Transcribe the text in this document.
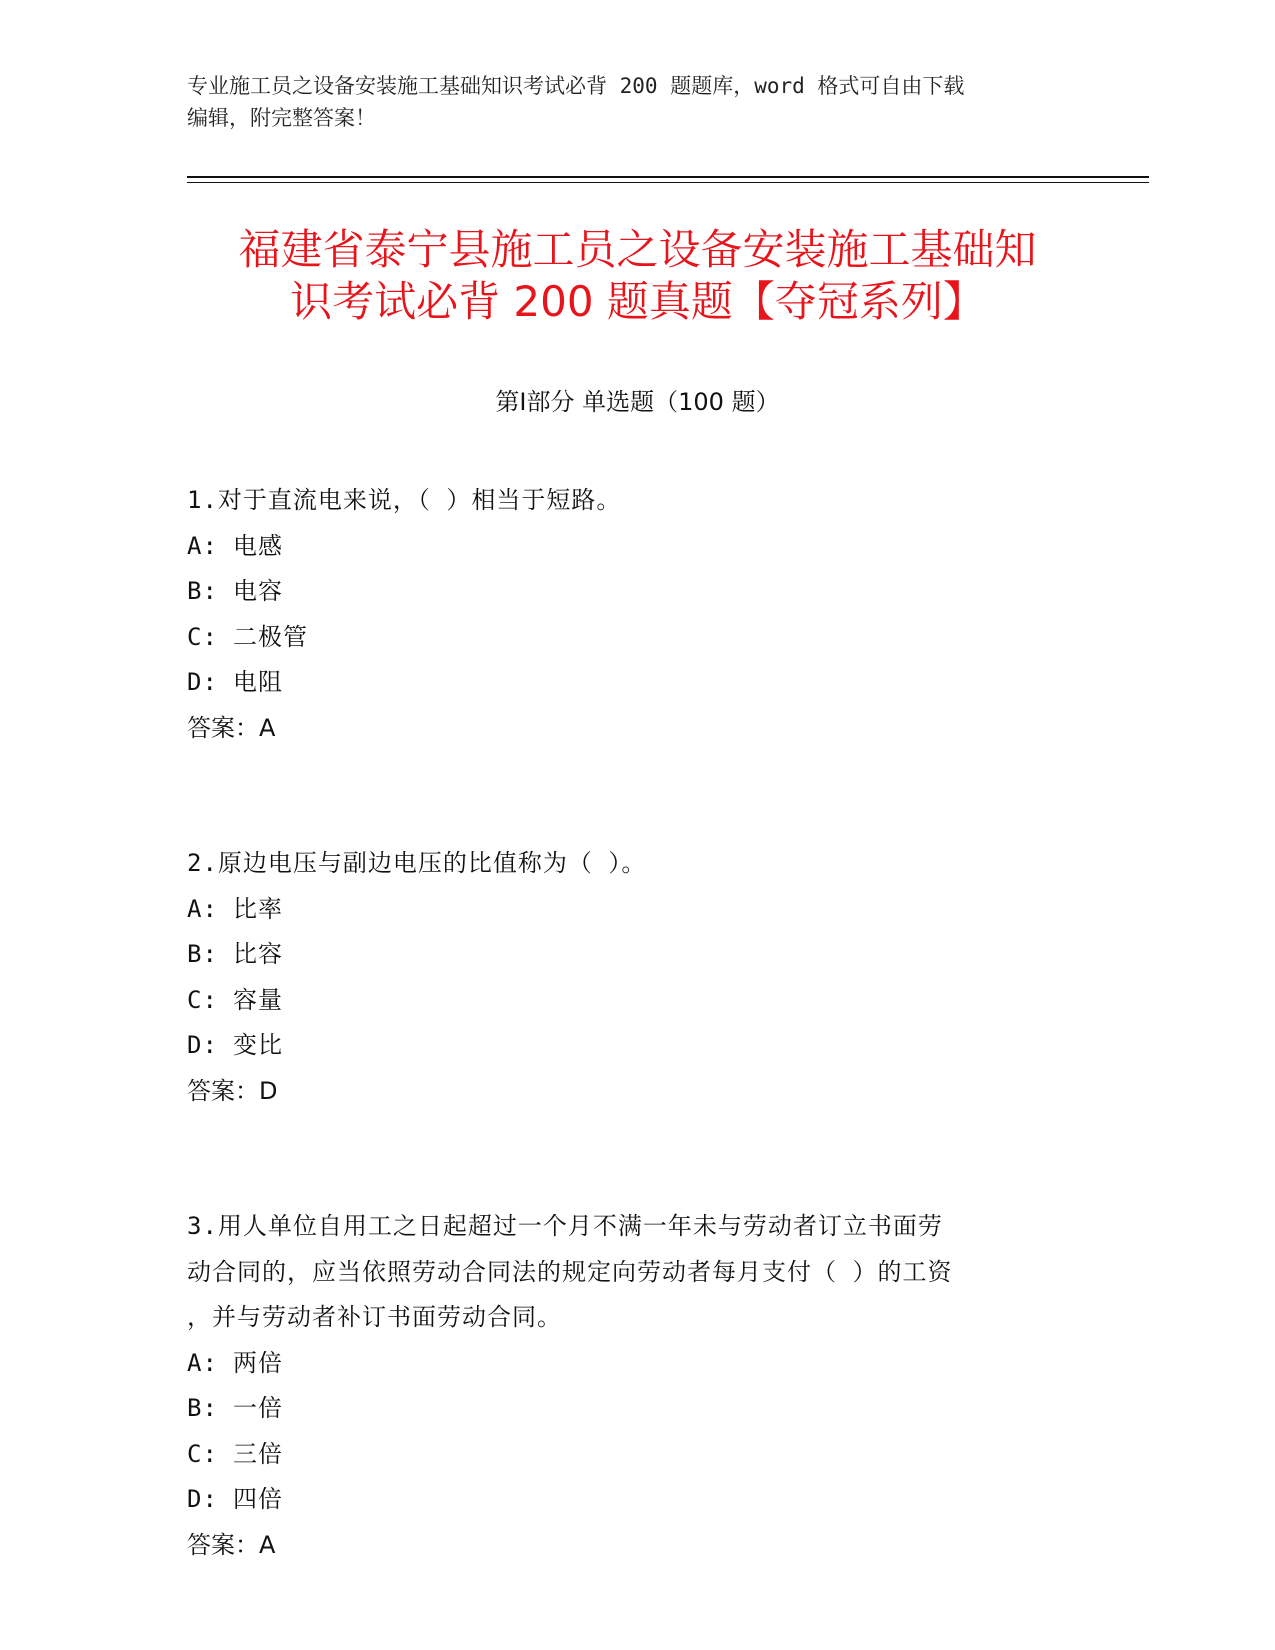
专业施工员之设备安装施工基础知识考试必背 200 题题库，word 格式可自由下载
编辑，附完整答案！
福建省泰宁县施工员之设备安装施工基础知
识考试必背 200 题真题【夺冠系列】
第Ⅰ部分 单选题（100 题）
1.对于直流电来说，（ ）相当于短路。
A: 电感
B: 电容
C: 二极管
D: 电阻
答案：A
2.原边电压与副边电压的比值称为（ ）。
A: 比率
B: 比容
C: 容量
D: 变比
答案：D
3.用人单位自用工之日起超过一个月不满一年未与劳动者订立书面劳
动合同的，应当依照劳动合同法的规定向劳动者每月支付（ ）的工资
，并与劳动者补订书面劳动合同。
A: 两倍
B: 一倍
C: 三倍
D: 四倍
答案：A
